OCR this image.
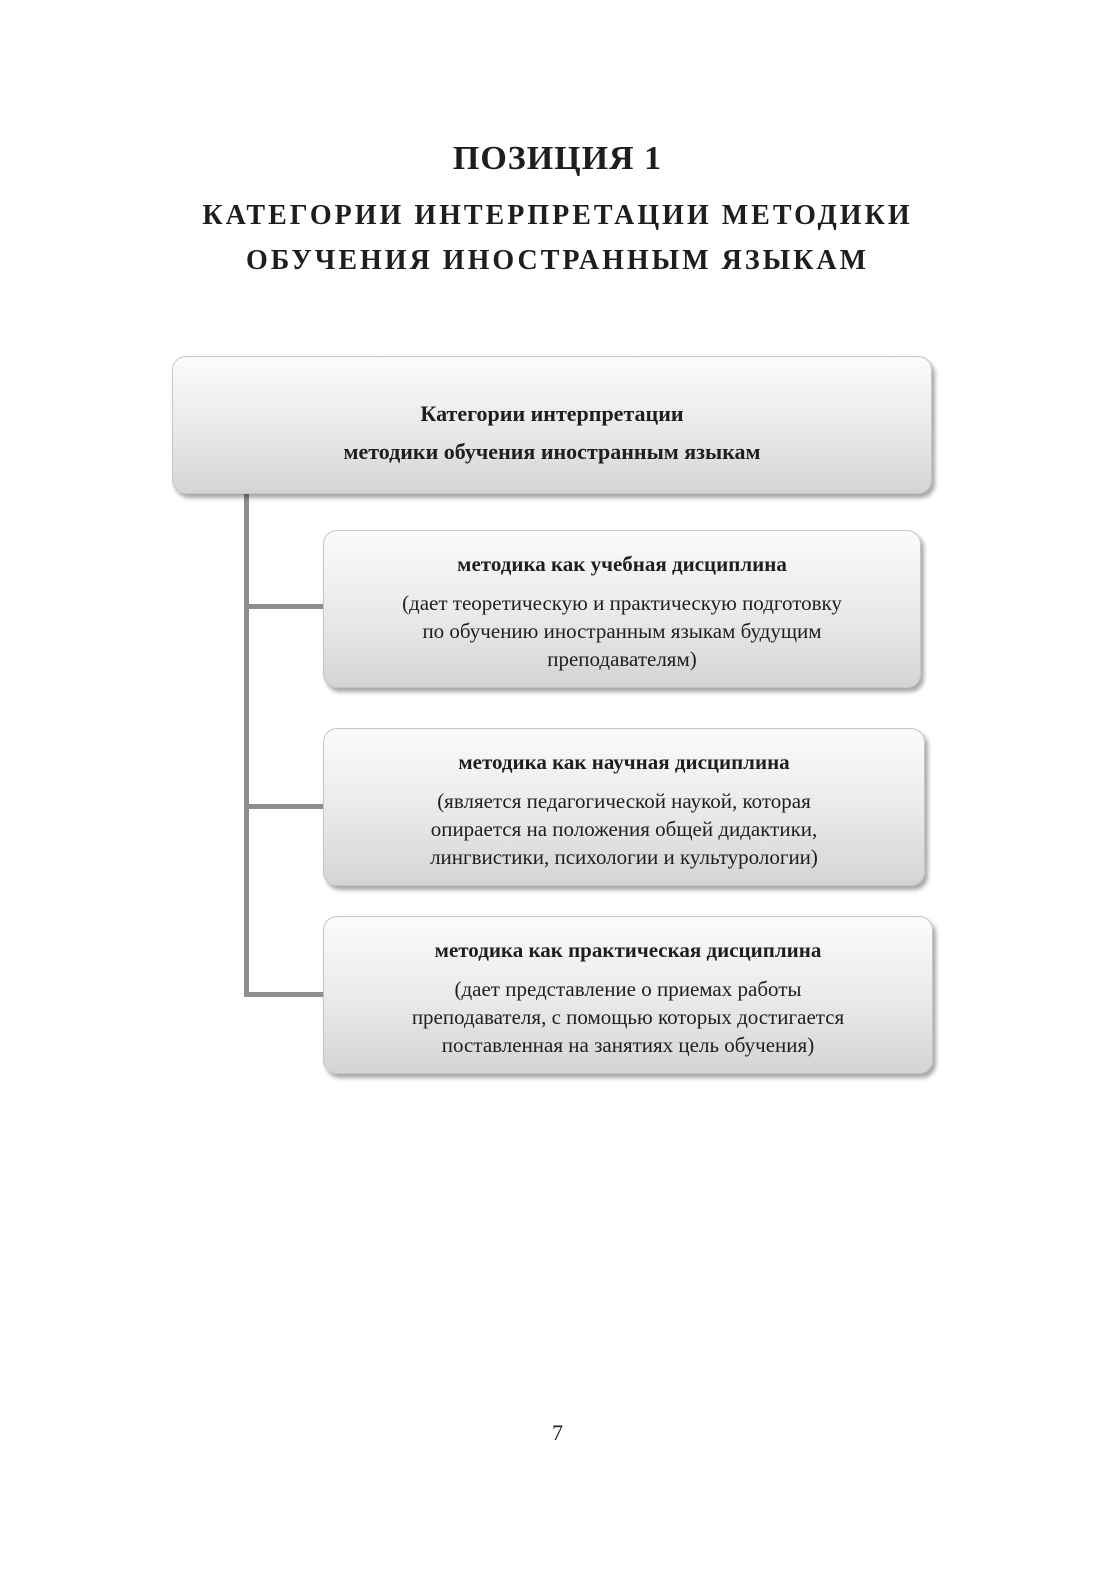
ПОЗИЦИЯ 1
КАТЕГОРИИ ИНТЕРПРЕТАЦИИ МЕТОДИКИ
ОБУЧЕНИЯ ИНОСТРАННЫМ ЯЗЫКАМ
Категории интерпретации
методики обучения иностранным языкам
методика как учебная дисциплина
(дает теоретическую и практическую подготовку
по обучению иностранным языкам будущим
преподавателям)
методика как научная дисциплина
(является педагогической наукой, которая
опирается на положения общей дидактики,
лингвистики, психологии и культурологии)
методика как практическая дисциплина
(дает представление о приемах работы
преподавателя, с помощью которых достигается
поставленная на занятиях цель обучения)

7
